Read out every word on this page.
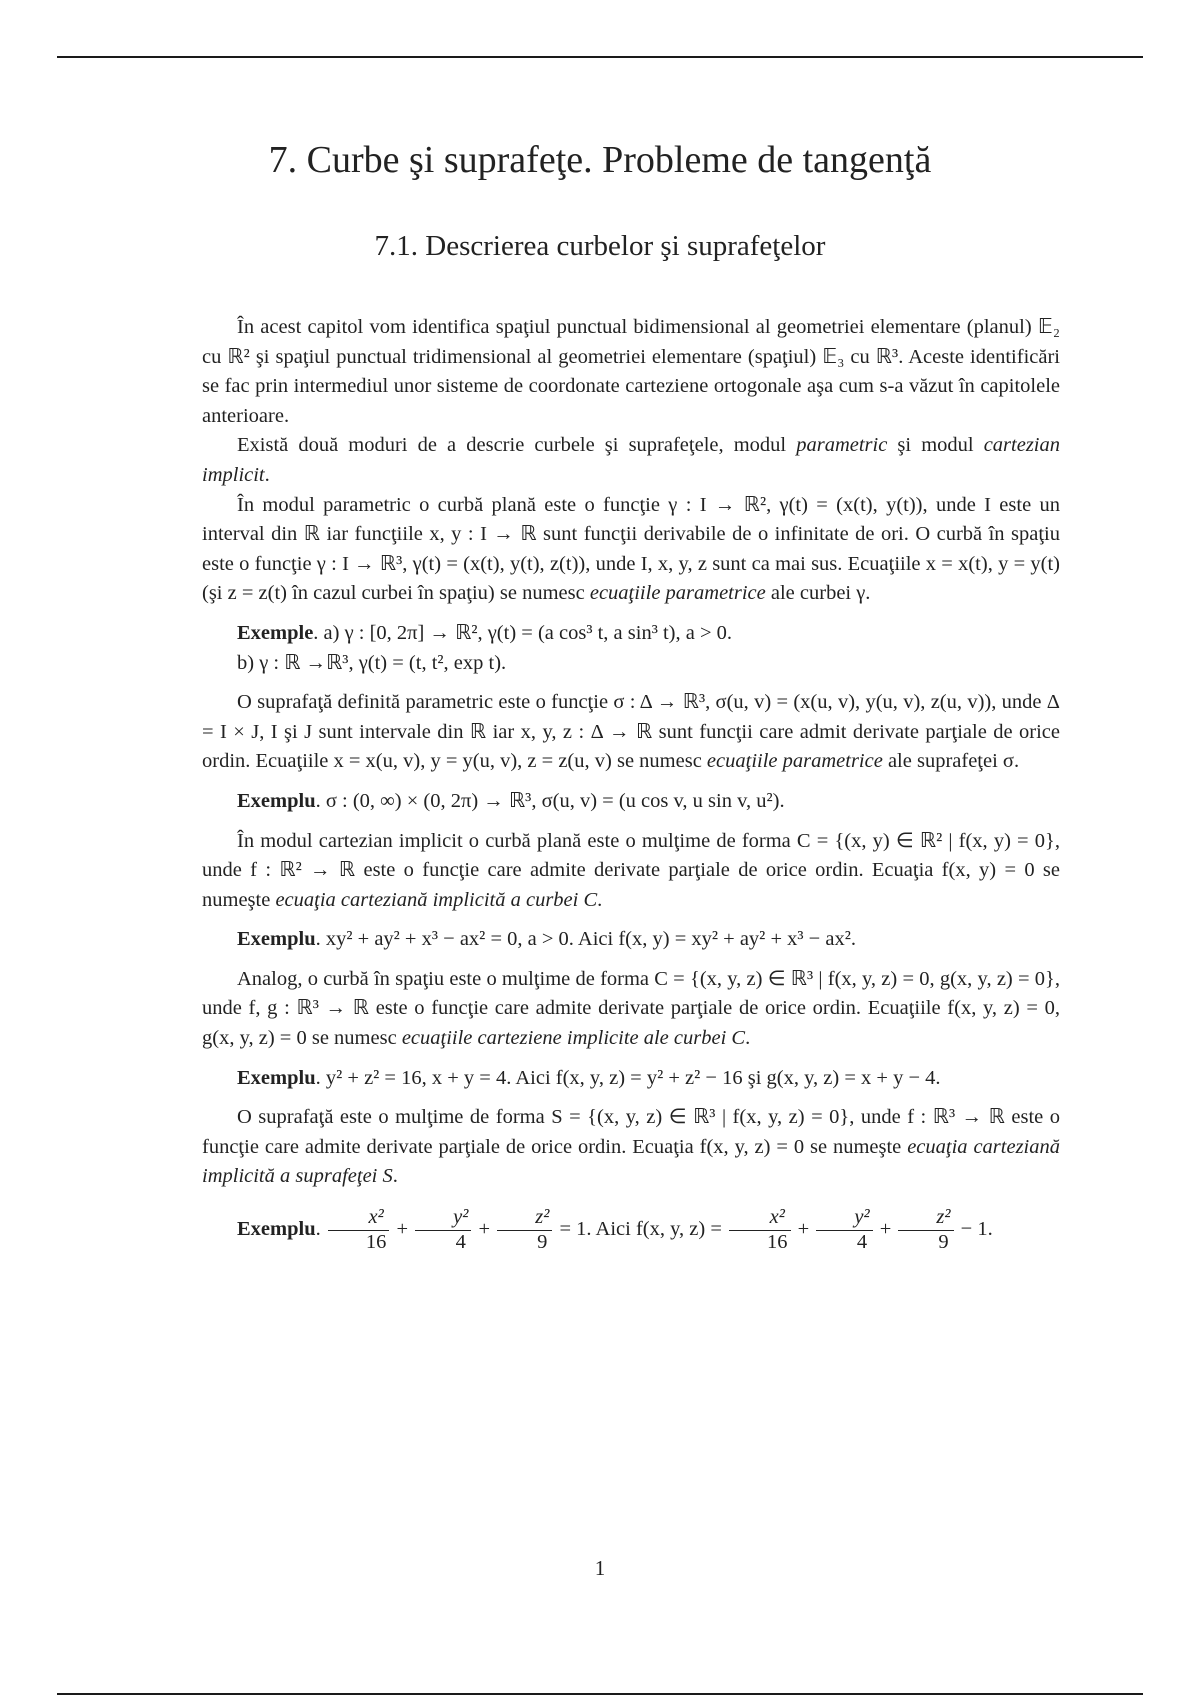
7. Curbe şi suprafeţe. Probleme de tangenţă
7.1. Descrierea curbelor şi suprafeţelor

În acest capitol vom identifica spaţiul punctual bidimensional al geometriei elementare (planul) 𝔼₂ cu ℝ² şi spaţiul punctual tridimensional al geometriei elementare (spaţiul) 𝔼₃ cu ℝ³. Aceste identificări se fac prin intermediul unor sisteme de coordonate carteziene ortogonale aşa cum s-a văzut în capitolele anterioare.

Există două moduri de a descrie curbele şi suprafeţele, modul parametric şi modul cartezian implicit.

În modul parametric o curbă plană este o funcţie γ : I → ℝ², γ(t) = (x(t), y(t)), unde I este un interval din ℝ iar funcţiile x, y : I → ℝ sunt funcţii derivabile de o infinitate de ori. O curbă în spaţiu este o funcţie γ : I → ℝ³, γ(t) = (x(t), y(t), z(t)), unde I, x, y, z sunt ca mai sus. Ecuaţiile x = x(t), y = y(t) (şi z = z(t) în cazul curbei în spaţiu) se numesc ecuaţiile parametrice ale curbei γ.

Exemple. a) γ : [0, 2π] → ℝ², γ(t) = (a cos³ t, a sin³ t), a > 0.

b) γ : ℝ →ℝ³, γ(t) = (t, t², exp t).

O suprafaţă definită parametric este o funcţie σ : Δ → ℝ³, σ(u, v) = (x(u, v), y(u, v), z(u, v)), unde Δ = I × J, I şi J sunt intervale din ℝ iar x, y, z : Δ → ℝ sunt funcţii care admit derivate parţiale de orice ordin. Ecuaţiile x = x(u, v), y = y(u, v), z = z(u, v) se numesc ecuaţiile parametrice ale suprafeţei σ.

Exemplu. σ : (0, ∞) × (0, 2π) → ℝ³, σ(u, v) = (u cos v, u sin v, u²).

În modul cartezian implicit o curbă plană este o mulţime de forma C = {(x, y) ∈ ℝ² | f(x, y) = 0}, unde f : ℝ² → ℝ este o funcţie care admite derivate parţiale de orice ordin. Ecuaţia f(x, y) = 0 se numeşte ecuaţia carteziană implicită a curbei C.

Exemplu. xy² + ay² + x³ − ax² = 0, a > 0. Aici f(x, y) = xy² + ay² + x³ − ax².

Analog, o curbă în spaţiu este o mulţime de forma C = {(x, y, z) ∈ ℝ³ | f(x, y, z) = 0, g(x, y, z) = 0}, unde f, g : ℝ³ → ℝ este o funcţie care admite derivate parţiale de orice ordin. Ecuaţiile f(x, y, z) = 0, g(x, y, z) = 0 se numesc ecuaţiile carteziene implicite ale curbei C.

Exemplu. y² + z² = 16, x + y = 4. Aici f(x, y, z) = y² + z² − 16 şi g(x, y, z) = x + y − 4.

O suprafaţă este o mulţime de forma S = {(x, y, z) ∈ ℝ³ | f(x, y, z) = 0}, unde f : ℝ³ → ℝ este o funcţie care admite derivate parţiale de orice ordin. Ecuaţia f(x, y, z) = 0 se numeşte ecuaţia carteziană implicită a suprafeţei S.

Exemplu. $\frac{\text{x²}}{16} + \frac{\text{y²}}{4} + \frac{\text{z²}}{9} = 1$. Aici f(x, y, $z) = \frac{\text{x²}}{16} + \frac{\text{y²}}{4} + \frac{\text{z²}}{9} - 1$.

1
